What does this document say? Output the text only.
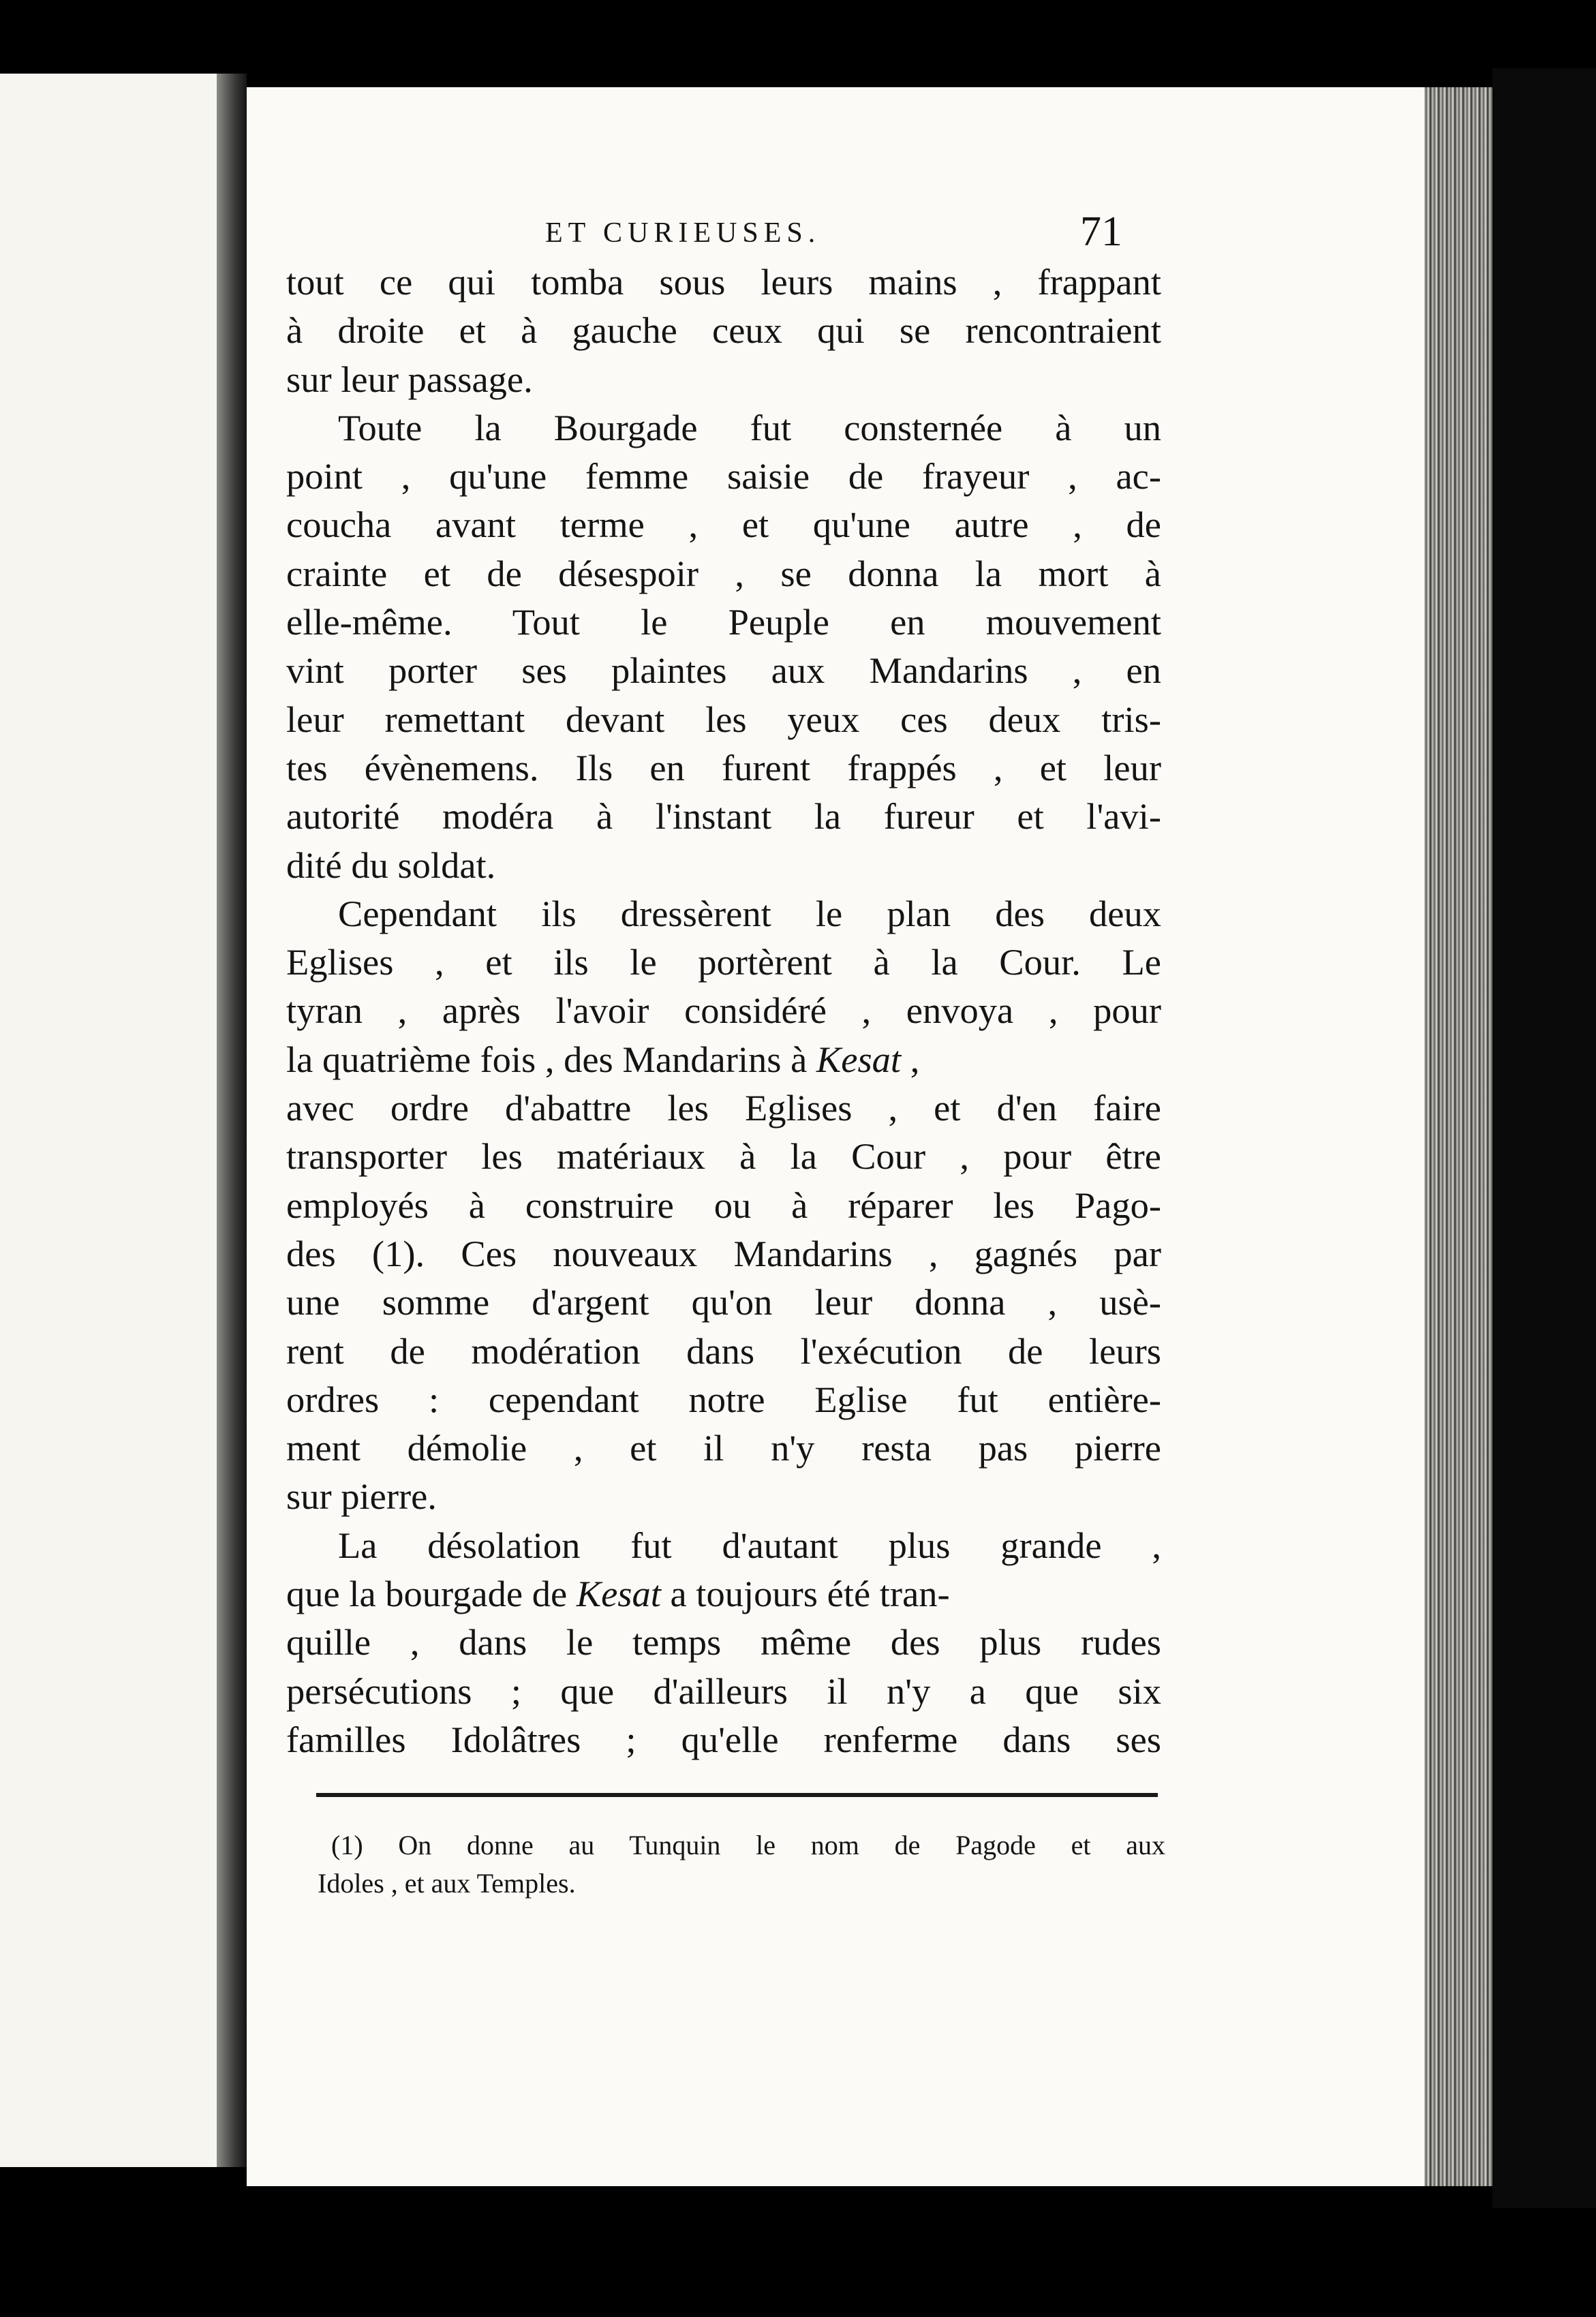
ET CURIEUSES.	71
tout ce qui tomba sous leurs mains , frappant
à droite et à gauche ceux qui se rencontraient
sur leur passage.
Toute la Bourgade fut consternée à un
point , qu'une femme saisie de frayeur , ac-
coucha avant terme , et qu'une autre , de
crainte et de désespoir , se donna la mort à
elle-même. Tout le Peuple en mouvement
vint porter ses plaintes aux Mandarins , en
leur remettant devant les yeux ces deux tris-
tes évènemens. Ils en furent frappés , et leur
autorité modéra à l'instant la fureur et l'avi-
dité du soldat.
Cependant ils dressèrent le plan des deux
Eglises , et ils le portèrent à la Cour. Le
tyran , après l'avoir considéré , envoya , pour
la quatrième fois , des Mandarins à Kesat ,
avec ordre d'abattre les Eglises , et d'en faire
transporter les matériaux à la Cour , pour être
employés à construire ou à réparer les Pago-
des (1). Ces nouveaux Mandarins , gagnés par
une somme d'argent qu'on leur donna , usè-
rent de modération dans l'exécution de leurs
ordres : cependant notre Eglise fut entière-
ment démolie , et il n'y resta pas pierre
sur pierre.
La désolation fut d'autant plus grande ,
que la bourgade de Kesat a toujours été tran-
quille , dans le temps même des plus rudes
persécutions ; que d'ailleurs il n'y a que six
familles Idolâtres ; qu'elle renferme dans ses
(1) On donne au Tunquin le nom de Pagode et aux
Idoles , et aux Temples.
